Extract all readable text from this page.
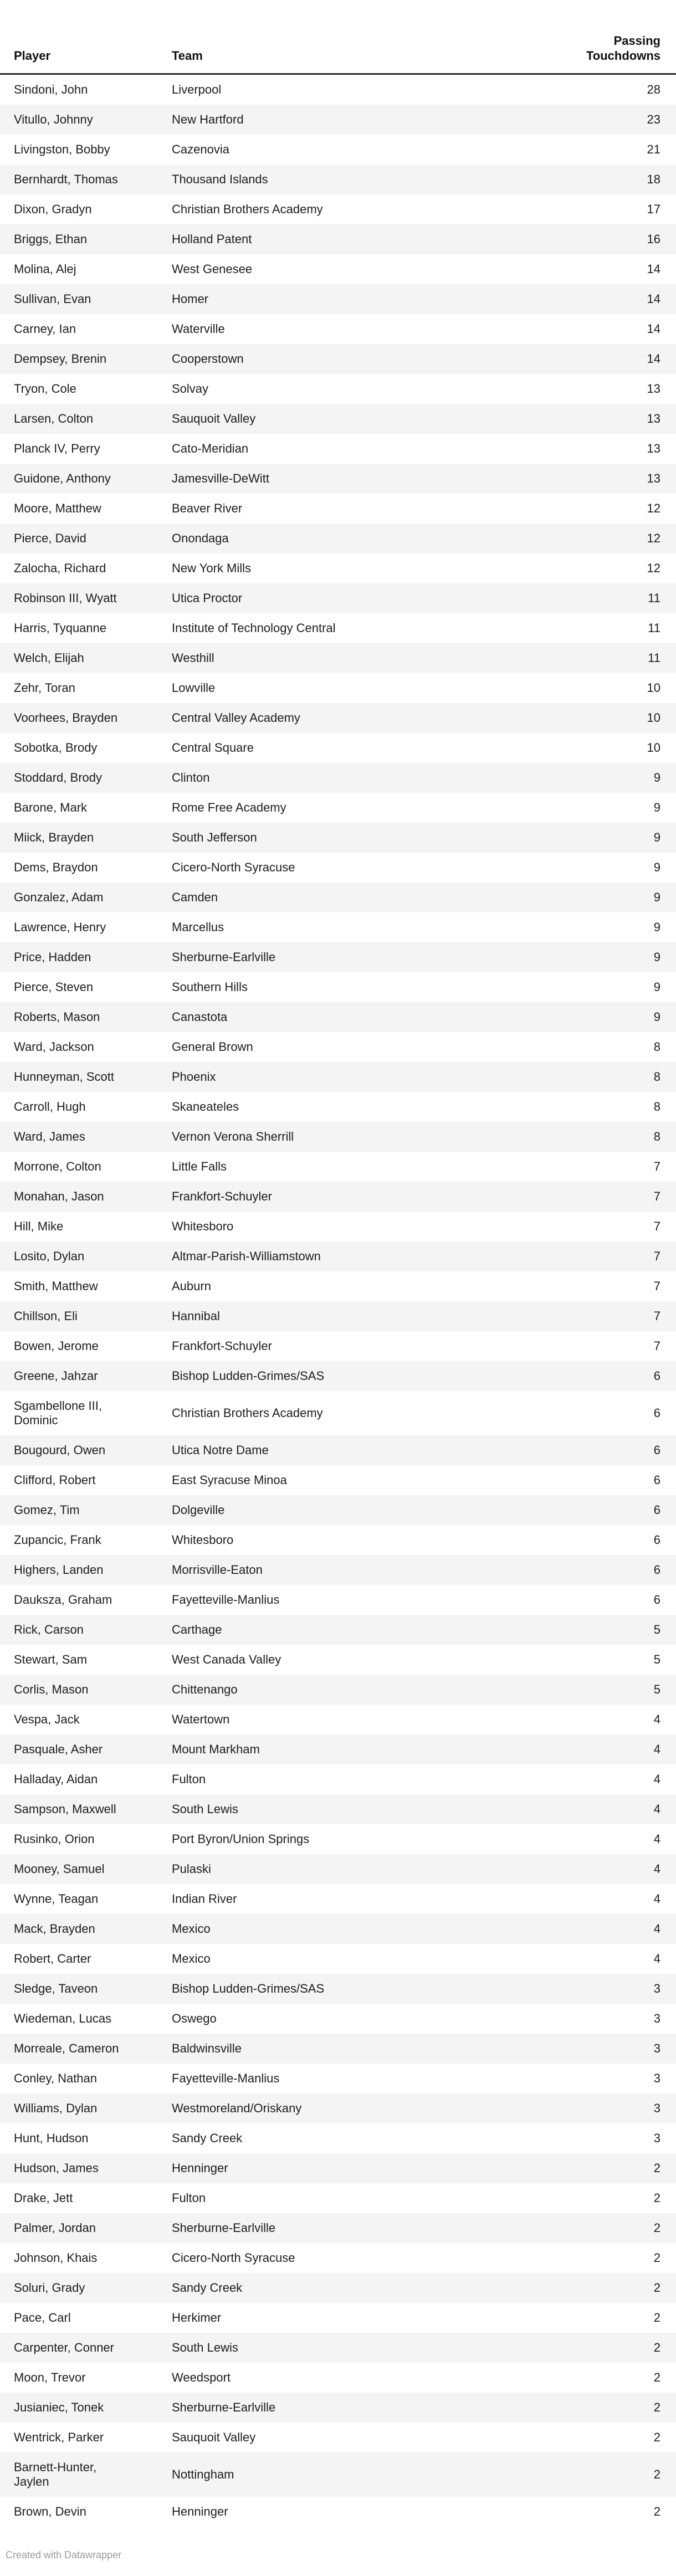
Player	Team	Passing Touchdowns
Sindoni, John	Liverpool	28
Vitullo, Johnny	New Hartford	23
Livingston, Bobby	Cazenovia	21
Bernhardt, Thomas	Thousand Islands	18
Dixon, Gradyn	Christian Brothers Academy	17
Briggs, Ethan	Holland Patent	16
Molina, Alej	West Genesee	14
Sullivan, Evan	Homer	14
Carney, Ian	Waterville	14
Dempsey, Brenin	Cooperstown	14
Tryon, Cole	Solvay	13
Larsen, Colton	Sauquoit Valley	13
Planck IV, Perry	Cato-Meridian	13
Guidone, Anthony	Jamesville-DeWitt	13
Moore, Matthew	Beaver River	12
Pierce, David	Onondaga	12
Zalocha, Richard	New York Mills	12
Robinson III, Wyatt	Utica Proctor	11
Harris, Tyquanne	Institute of Technology Central	11
Welch, Elijah	Westhill	11
Zehr, Toran	Lowville	10
Voorhees, Brayden	Central Valley Academy	10
Sobotka, Brody	Central Square	10
Stoddard, Brody	Clinton	9
Barone, Mark	Rome Free Academy	9
Miick, Brayden	South Jefferson	9
Dems, Braydon	Cicero-North Syracuse	9
Gonzalez, Adam	Camden	9
Lawrence, Henry	Marcellus	9
Price, Hadden	Sherburne-Earlville	9
Pierce, Steven	Southern Hills	9
Roberts, Mason	Canastota	9
Ward, Jackson	General Brown	8
Hunneyman, Scott	Phoenix	8
Carroll, Hugh	Skaneateles	8
Ward, James	Vernon Verona Sherrill	8
Morrone, Colton	Little Falls	7
Monahan, Jason	Frankfort-Schuyler	7
Hill, Mike	Whitesboro	7
Losito, Dylan	Altmar-Parish-Williamstown	7
Smith, Matthew	Auburn	7
Chillson, Eli	Hannibal	7
Bowen, Jerome	Frankfort-Schuyler	7
Greene, Jahzar	Bishop Ludden-Grimes/SAS	6
Sgambellone III, Dominic	Christian Brothers Academy	6
Bougourd, Owen	Utica Notre Dame	6
Clifford, Robert	East Syracuse Minoa	6
Gomez, Tim	Dolgeville	6
Zupancic, Frank	Whitesboro	6
Highers, Landen	Morrisville-Eaton	6
Dauksza, Graham	Fayetteville-Manlius	6
Rick, Carson	Carthage	5
Stewart, Sam	West Canada Valley	5
Corlis, Mason	Chittenango	5
Vespa, Jack	Watertown	4
Pasquale, Asher	Mount Markham	4
Halladay, Aidan	Fulton	4
Sampson, Maxwell	South Lewis	4
Rusinko, Orion	Port Byron/Union Springs	4
Mooney, Samuel	Pulaski	4
Wynne, Teagan	Indian River	4
Mack, Brayden	Mexico	4
Robert, Carter	Mexico	4
Sledge, Taveon	Bishop Ludden-Grimes/SAS	3
Wiedeman, Lucas	Oswego	3
Morreale, Cameron	Baldwinsville	3
Conley, Nathan	Fayetteville-Manlius	3
Williams, Dylan	Westmoreland/Oriskany	3
Hunt, Hudson	Sandy Creek	3
Hudson, James	Henninger	2
Drake, Jett	Fulton	2
Palmer, Jordan	Sherburne-Earlville	2
Johnson, Khais	Cicero-North Syracuse	2
Soluri, Grady	Sandy Creek	2
Pace, Carl	Herkimer	2
Carpenter, Conner	South Lewis	2
Moon, Trevor	Weedsport	2
Jusianiec, Tonek	Sherburne-Earlville	2
Wentrick, Parker	Sauquoit Valley	2
Barnett-Hunter, Jaylen	Nottingham	2
Brown, Devin	Henninger	2
Created with Datawrapper
